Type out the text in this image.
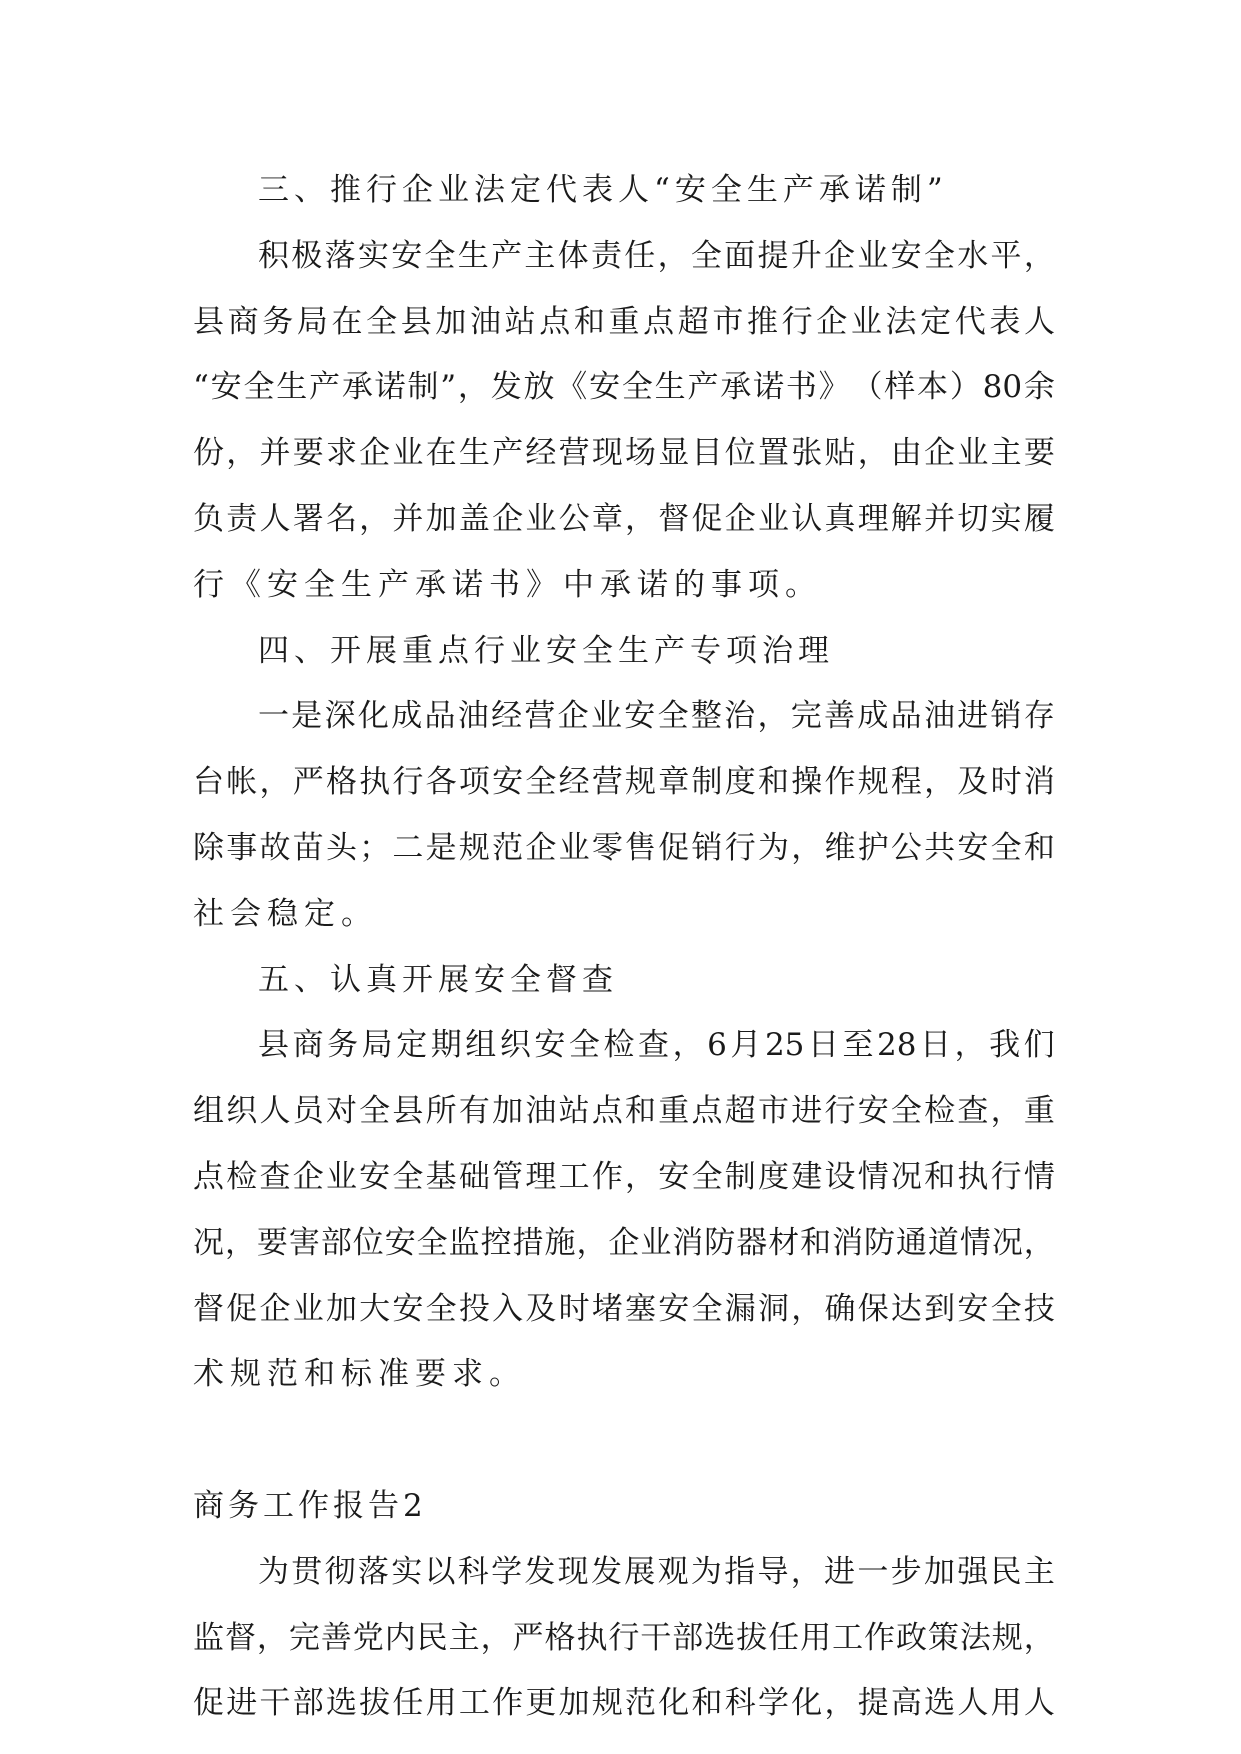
三、推行企业法定代表人“安全生产承诺制”
积 极 落 实 安 全 生 产 主 体 责 任 ， 全 面 提 升 企 业 安 全 水 平 ，
县 商 务 局 在 全 县 加 油 站 点 和 重 点 超 市 推 行 企 业 法 定 代 表 人
“ 安 全 生 产 承 诺 制 ” ， 发 放 《 安 全 生 产 承 诺 书 》 （ 样 本 ） 80 余
份 ， 并 要 求 企 业 在 生 产 经 营 现 场 显 目 位 置 张 贴 ， 由 企 业 主 要
负 责 人 署 名 ， 并 加 盖 企 业 公 章 ， 督 促 企 业 认 真 理 解 并 切 实 履
行《安全生产承诺书》中承诺的事项。
四、开展重点行业安全生产专项治理
一 是 深 化 成 品 油 经 营 企 业 安 全 整 治 ， 完 善 成 品 油 进 销 存
台 帐 ， 严 格 执 行 各 项 安 全 经 营 规 章 制 度 和 操 作 规 程 ， 及 时 消
除 事 故 苗 头 ； 二 是 规 范 企 业 零 售 促 销 行 为 ， 维 护 公 共 安 全 和
社会稳定。
五、认真开展安全督查
县 商 务 局 定 期 组 织 安 全 检 查 ， 6 月 25 日 至 28 日 ， 我 们
组 织 人 员 对 全 县 所 有 加 油 站 点 和 重 点 超 市 进 行 安 全 检 查 ， 重
点 检 查 企 业 安 全 基 础 管 理 工 作 ， 安 全 制 度 建 设 情 况 和 执 行 情
况 ， 要 害 部 位 安 全 监 控 措 施 ， 企 业 消 防 器 材 和 消 防 通 道 情 况 ，
督 促 企 业 加 大 安 全 投 入 及 时 堵 塞 安 全 漏 洞 ， 确 保 达 到 安 全 技
术规范和标准要求。
商务工作报告2
为 贯 彻 落 实 以 科 学 发 现 发 展 观 为 指 导 ， 进 一 步 加 强 民 主
监 督 ， 完 善 党 内 民 主 ， 严 格 执 行 干 部 选 拔 任 用 工 作 政 策 法 规 ，
促 进 干 部 选 拔 任 用 工 作 更 加 规 范 化 和 科 学 化 ， 提 高 选 人 用 人
